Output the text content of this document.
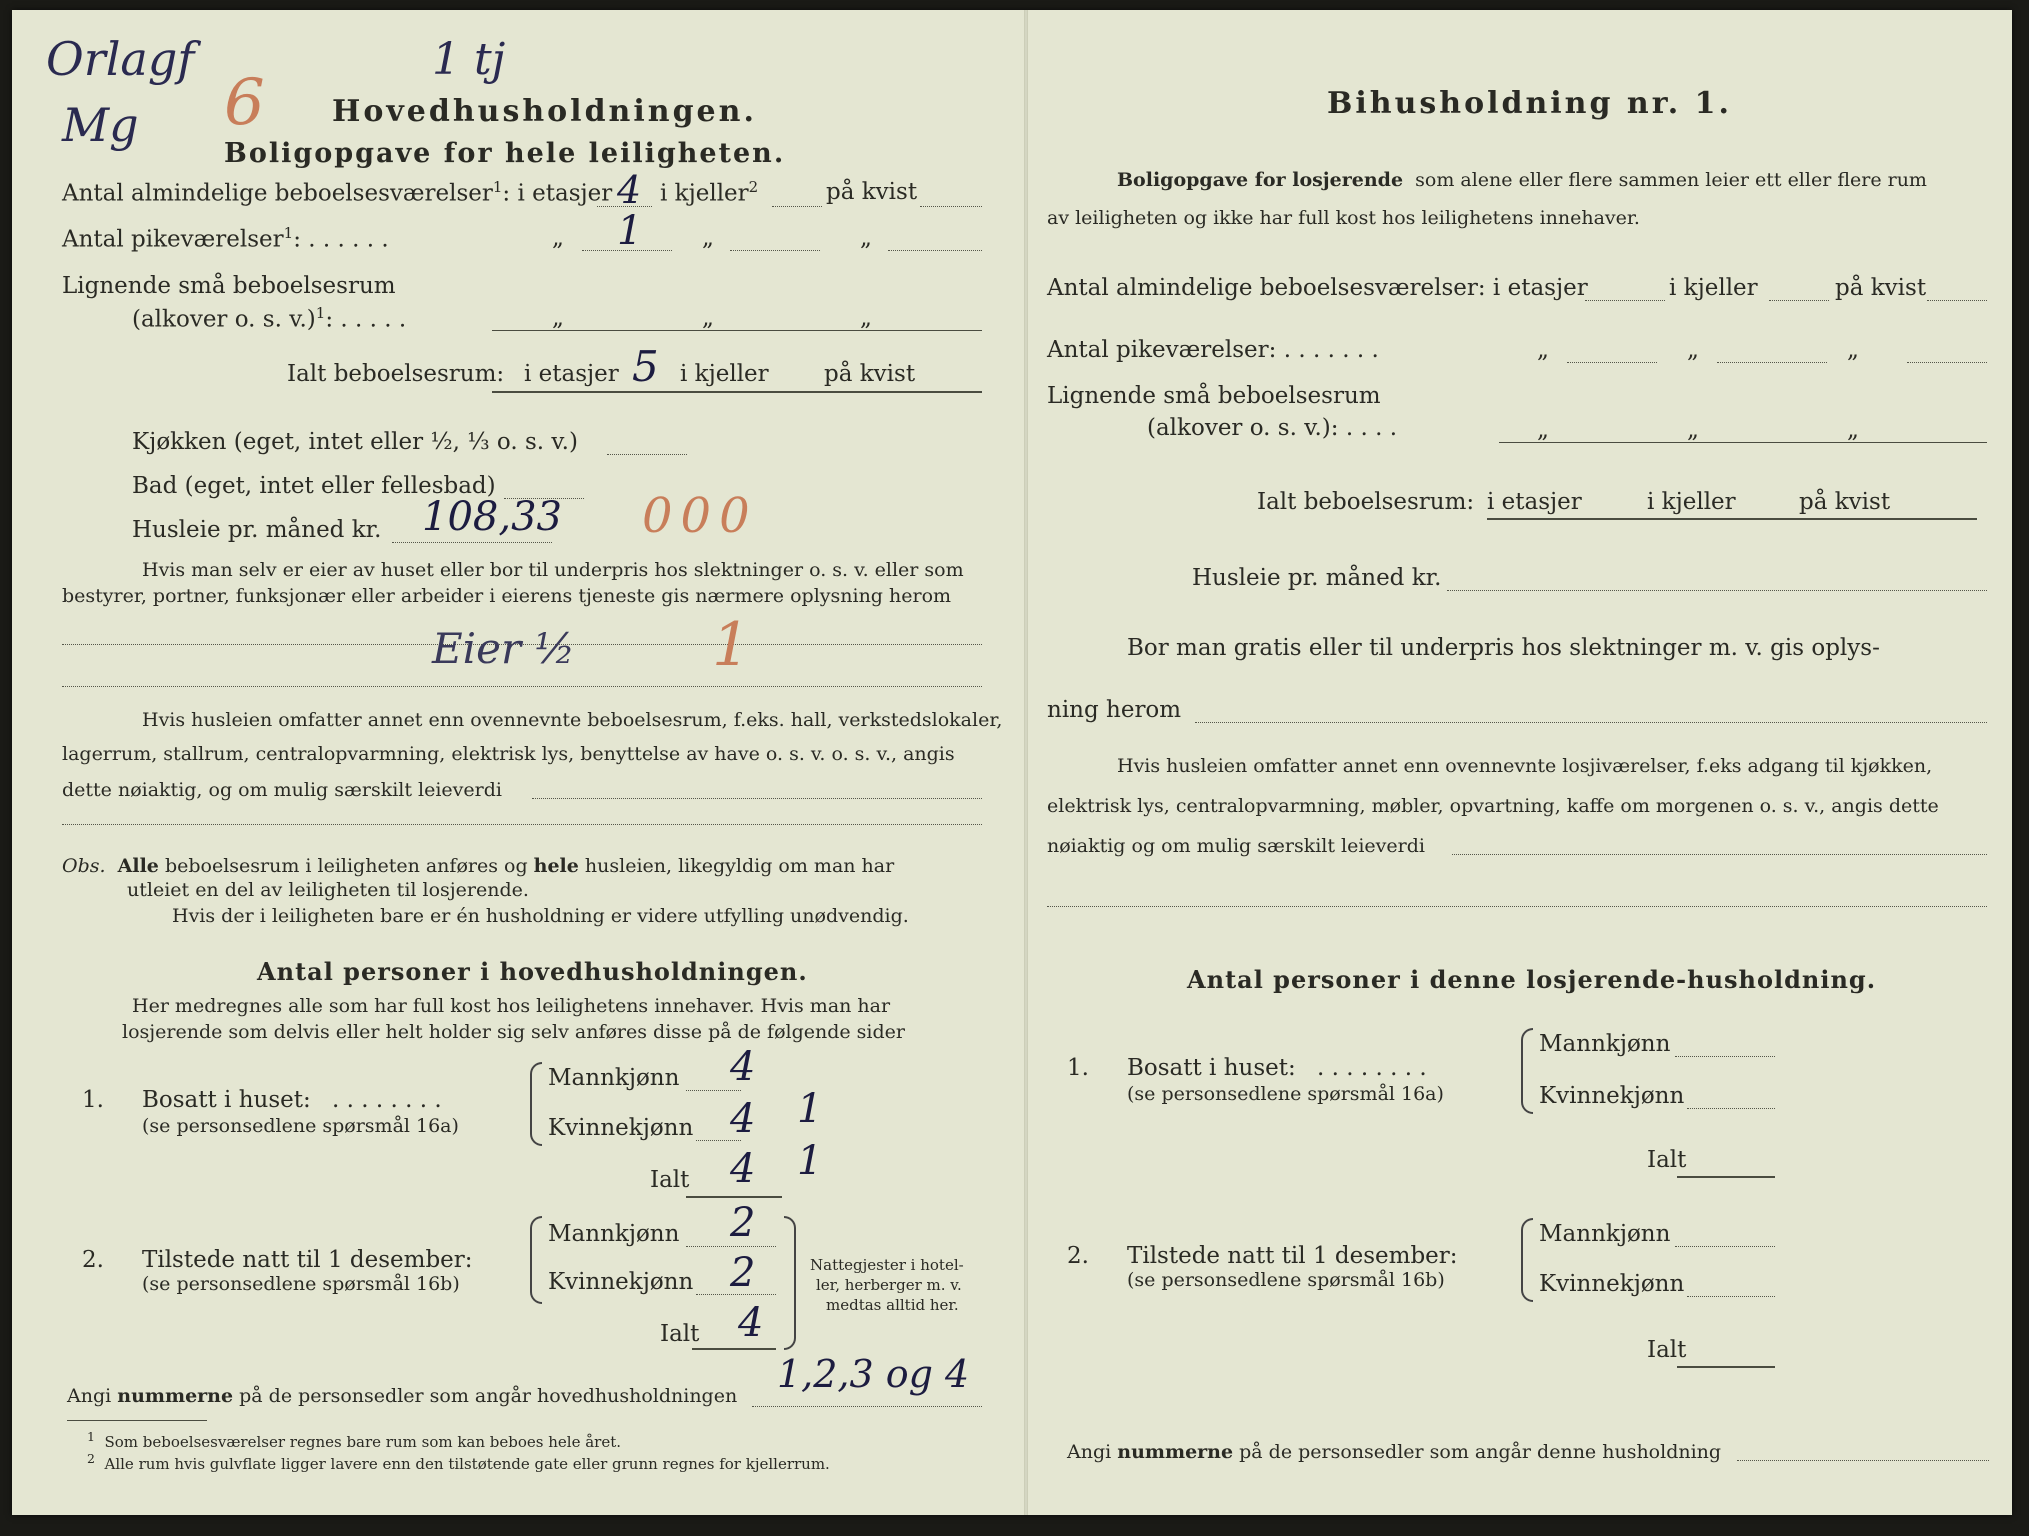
Orlagf
Mg
1 tj
6 Hovedhusholdningen.
Boligopgave for hele leiligheten.
Antal almindelige beboelsesværelser$^1$: i etasjer 4 i kjeller$^2$	på kvist
Antal pikeværelser$^1$: . . . . . .	„ 1	„	„
Lignende små beboelsesrum
(alkover o. s. v.)$^1$: . . . . .	„	„	„
Ialt beboelsesrum: i etasjer 5 i kjeller på kvist
Kjøkken (eget, intet eller ½, ⅓ o. s. v.)
Bad (eget, intet eller fellesbad)
Husleie pr. måned kr. 108,33 000
Hvis man selv er eier av huset eller bor til underpris hos slektninger o. s. v. eller som
bestyrer, portner, funksjonær eller arbeider i eierens tjeneste gis nærmere oplysning herom
Eier ½ 1
Hvis husleien omfatter annet enn ovennevnte beboelsesrum, f.eks. hall, verkstedslokaler,
lagerrum, stallrum, centralopvarmning, elektrisk lys, benyttelse av have o. s. v. o. s. v., angis
dette nøiaktig, og om mulig særskilt leieverdi
Obs. Alle beboelsesrum i leiligheten anføres og hele husleien, likegyldig om man har
utleiet en del av leiligheten til losjerende.
Hvis der i leiligheten bare er én husholdning er videre utfylling unødvendig.
Antal personer i hovedhusholdningen.
Her medregnes alle som har full kost hos leilighetens innehaver. Hvis man har
losjerende som delvis eller helt holder sig selv anføres disse på de følgende sider
1. Bosatt i huset: . . . . . . . .
(se personsedlene spørsmål 16a)
Mannkjønn 4
Kvinnekjønn 4 1
Ialt 4 1
2. Tilstede natt til 1 desember:
(se personsedlene spørsmål 16b)
Mannkjønn 2
Kvinnekjønn 2
Ialt 4
Nattegjester i hotel-
ler, herberger m. v.
medtas alltid her.
Angi nummerne på de personsedler som angår hovedhusholdningen 1,2,3 og 4
$^1$ Som beboelsesværelser regnes bare rum som kan beboes hele året.
$^2$ Alle rum hvis gulvflate ligger lavere enn den tilstøtende gate eller grunn regnes for kjellerrum.
Bihusholdning nr. 1.
Boligopgave for losjerende som alene eller flere sammen leier ett eller flere rum
av leiligheten og ikke har full kost hos leilighetens innehaver.
Antal almindelige beboelsesværelser: i etasjer	i kjeller	på kvist
Antal pikeværelser: . . . . . . .	„	„	„
Lignende små beboelsesrum
(alkover o. s. v.): . . . .	„	„	„
Ialt beboelsesrum: i etasjer	i kjeller	på kvist
Husleie pr. måned kr.
Bor man gratis eller til underpris hos slektninger m. v. gis oplys-
ning herom
Hvis husleien omfatter annet enn ovennevnte losjiværelser, f.eks adgang til kjøkken,
elektrisk lys, centralopvarmning, møbler, opvartning, kaffe om morgenen o. s. v., angis dette
nøiaktig og om mulig særskilt leieverdi
Antal personer i denne losjerende-husholdning.
1. Bosatt i huset: . . . . . . . .
(se personsedlene spørsmål 16a)
Mannkjønn
Kvinnekjønn
Ialt
2. Tilstede natt til 1 desember:
(se personsedlene spørsmål 16b)
Mannkjønn
Kvinnekjønn
Ialt
Angi nummerne på de personsedler som angår denne husholdning
